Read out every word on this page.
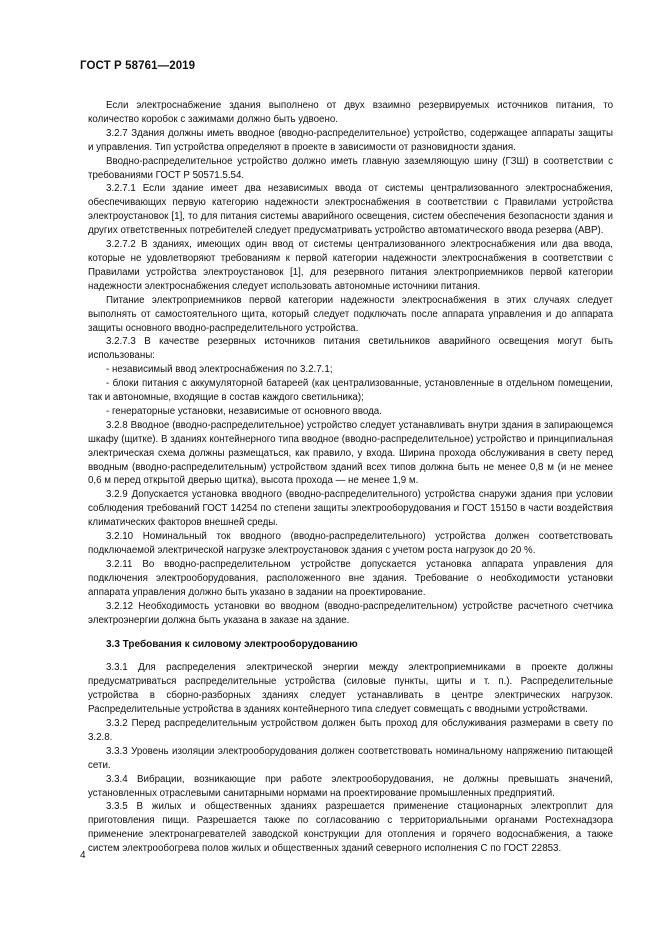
ГОСТ Р 58761—2019

Если электроснабжение здания выполнено от двух взаимно резервируемых источников питания, то количество коробок с зажимами должно быть удвоено.

3.2.7 Здания должны иметь вводное (вводно-распределительное) устройство, содержащее аппараты защиты и управления. Тип устройства определяют в проекте в зависимости от разновидности здания.

Вводно-распределительное устройство должно иметь главную заземляющую шину (ГЗШ) в соответствии с требованиями ГОСТ Р 50571.5.54.

3.2.7.1 Если здание имеет два независимых ввода от системы централизованного электроснабжения, обеспечивающих первую категорию надежности электроснабжения в соответствии с Правилами устройства электроустановок [1], то для питания системы аварийного освещения, систем обеспечения безопасности здания и других ответственных потребителей следует предусматривать устройство автоматического ввода резерва (АВР).

3.2.7.2 В зданиях, имеющих один ввод от системы централизованного электроснабжения или два ввода, которые не удовлетворяют требованиям к первой категории надежности электроснабжения в соответствии с Правилами устройства электроустановок [1], для резервного питания электроприемников первой категории надежности электроснабжения следует использовать автономные источники питания.

Питание электроприемников первой категории надежности электроснабжения в этих случаях следует выполнять от самостоятельного щита, который следует подключать после аппарата управления и до аппарата защиты основного вводно-распределительного устройства.

3.2.7.3 В качестве резервных источников питания светильников аварийного освещения могут быть использованы:

- независимый ввод электроснабжения по 3.2.7.1;

- блоки питания с аккумуляторной батареей (как централизованные, установленные в отдельном помещении, так и автономные, входящие в состав каждого светильника);

- генераторные установки, независимые от основного ввода.

3.2.8 Вводное (вводно-распределительное) устройство следует устанавливать внутри здания в запирающемся шкафу (щитке). В зданиях контейнерного типа вводное (вводно-распределительное) устройство и принципиальная электрическая схема должны размещаться, как правило, у входа. Ширина прохода обслуживания в свету перед вводным (вводно-распределительным) устройством зданий всех типов должна быть не менее 0,8 м (и не менее 0,6 м перед открытой дверью щитка), высота прохода — не менее 1,9 м.

3.2.9 Допускается установка вводного (вводно-распределительного) устройства снаружи здания при условии соблюдения требований ГОСТ 14254 по степени защиты электрооборудования и ГОСТ 15150 в части воздействия климатических факторов внешней среды.

3.2.10 Номинальный ток вводного (вводно-распределительного) устройства должен соответствовать подключаемой электрической нагрузке электроустановок здания с учетом роста нагрузок до 20 %.

3.2.11 Во вводно-распределительном устройстве допускается установка аппарата управления для подключения электрооборудования, расположенного вне здания. Требование о необходимости установки аппарата управления должно быть указано в задании на проектирование.

3.2.12 Необходимость установки во вводном (вводно-распределительном) устройстве расчетного счетчика электроэнергии должна быть указана в заказе на здание.

3.3 Требования к силовому электрооборудованию

3.3.1 Для распределения электрической энергии между электроприемниками в проекте должны предусматриваться распределительные устройства (силовые пункты, щиты и т. п.). Распределительные устройства в сборно-разборных зданиях следует устанавливать в центре электрических нагрузок. Распределительные устройства в зданиях контейнерного типа следует совмещать с вводными устройствами.

3.3.2 Перед распределительным устройством должен быть проход для обслуживания размерами в свету по 3.2.8.

3.3.3 Уровень изоляции электрооборудования должен соответствовать номинальному напряжению питающей сети.

3.3.4 Вибрации, возникающие при работе электрооборудования, не должны превышать значений, установленных отраслевыми санитарными нормами на проектирование промышленных предприятий.

3.3.5 В жилых и общественных зданиях разрешается применение стационарных электроплит для приготовления пищи. Разрешается также по согласованию с территориальными органами Ростехнадзора применение электронагревателей заводской конструкции для отопления и горячего водоснабжения, а также систем электрообогрева полов жилых и общественных зданий северного исполнения С по ГОСТ 22853.

4
